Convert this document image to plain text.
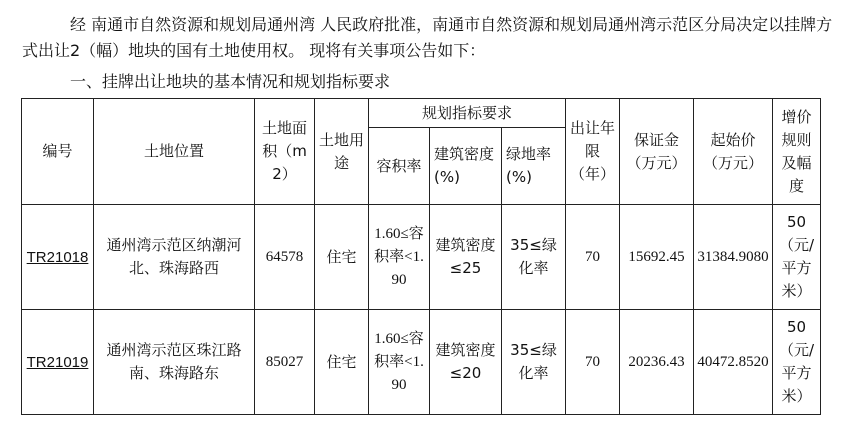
经 南通市自然资源和规划局通州湾 人民政府批准，南通市自然资源和规划局通州湾示范区分局决定以挂牌方式出让2（幅）地块的国有土地使用权。 现将有关事项公告如下：
一、挂牌出让地块的基本情况和规划指标要求
编号	土地位置	土地面积（m2）	土地用途	规划指标要求			出让年限（年）	保证金（万元）	起始价（万元）	增价规则及幅度
				容积率	建筑密度(%)	绿地率(%)				
TR21018	通州湾示范区纳潮河北、珠海路西	64578	住宅	1.60≤容积率<1.90	建筑密度≤25	35≤绿化率	70	15692.45	31384.9080	50（元/平方米）
TR21019	通州湾示范区珠江路南、珠海路东	85027	住宅	1.60≤容积率<1.90	建筑密度≤20	35≤绿化率	70	20236.43	40472.8520	50（元/平方米）
